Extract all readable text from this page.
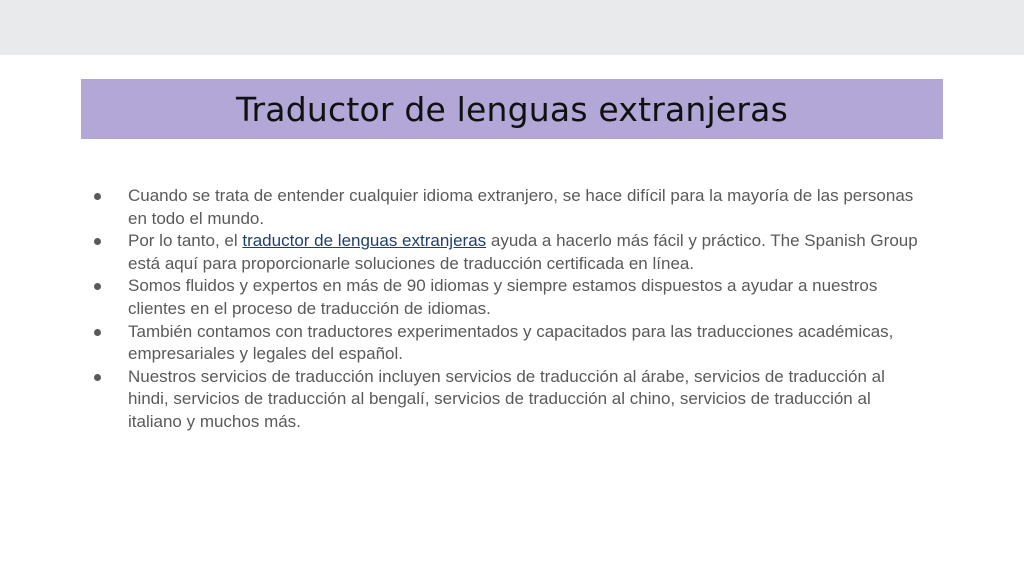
Traductor de lenguas extranjeras
Cuando se trata de entender cualquier idioma extranjero, se hace difícil para la mayoría de las personas en todo el mundo.
Por lo tanto, el traductor de lenguas extranjeras ayuda a hacerlo más fácil y práctico. The Spanish Group está aquí para proporcionarle soluciones de traducción certificada en línea.
Somos fluidos y expertos en más de 90 idiomas y siempre estamos dispuestos a ayudar a nuestros clientes en el proceso de traducción de idiomas.
También contamos con traductores experimentados y capacitados para las traducciones académicas, empresariales y legales del español.
Nuestros servicios de traducción incluyen servicios de traducción al árabe, servicios de traducción al hindi, servicios de traducción al bengalí, servicios de traducción al chino, servicios de traducción al italiano y muchos más.
